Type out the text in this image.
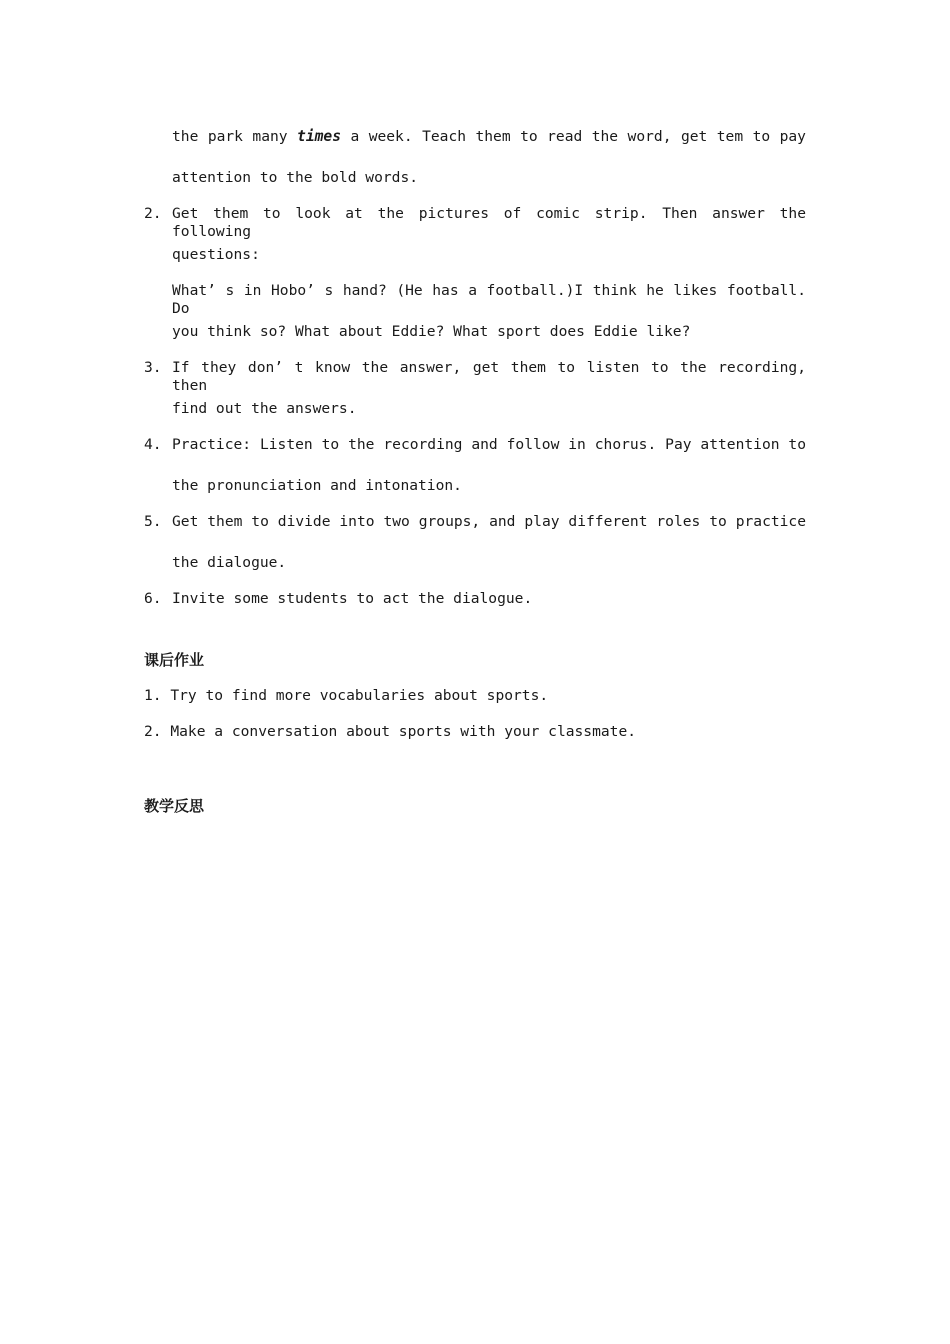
the park many times a week. Teach them to read the word, get tem to pay
attention to the bold words.
2. Get them to look at the pictures of comic strip. Then answer the following
questions:
What’ s in Hobo’ s hand? (He has a football.)I think he likes football. Do
you think so? What about Eddie? What sport does Eddie like?
3. If they don’ t know the answer, get them to listen to the recording, then
find out the answers.
4. Practice: Listen to the recording and follow in chorus. Pay attention to
the pronunciation and intonation.
5. Get them to divide into two groups, and play different roles to practice
the dialogue.
6. Invite some students to act the dialogue.
课后作业
1. Try to find more vocabularies about sports.
2. Make a conversation about sports with your classmate.
教学反思
